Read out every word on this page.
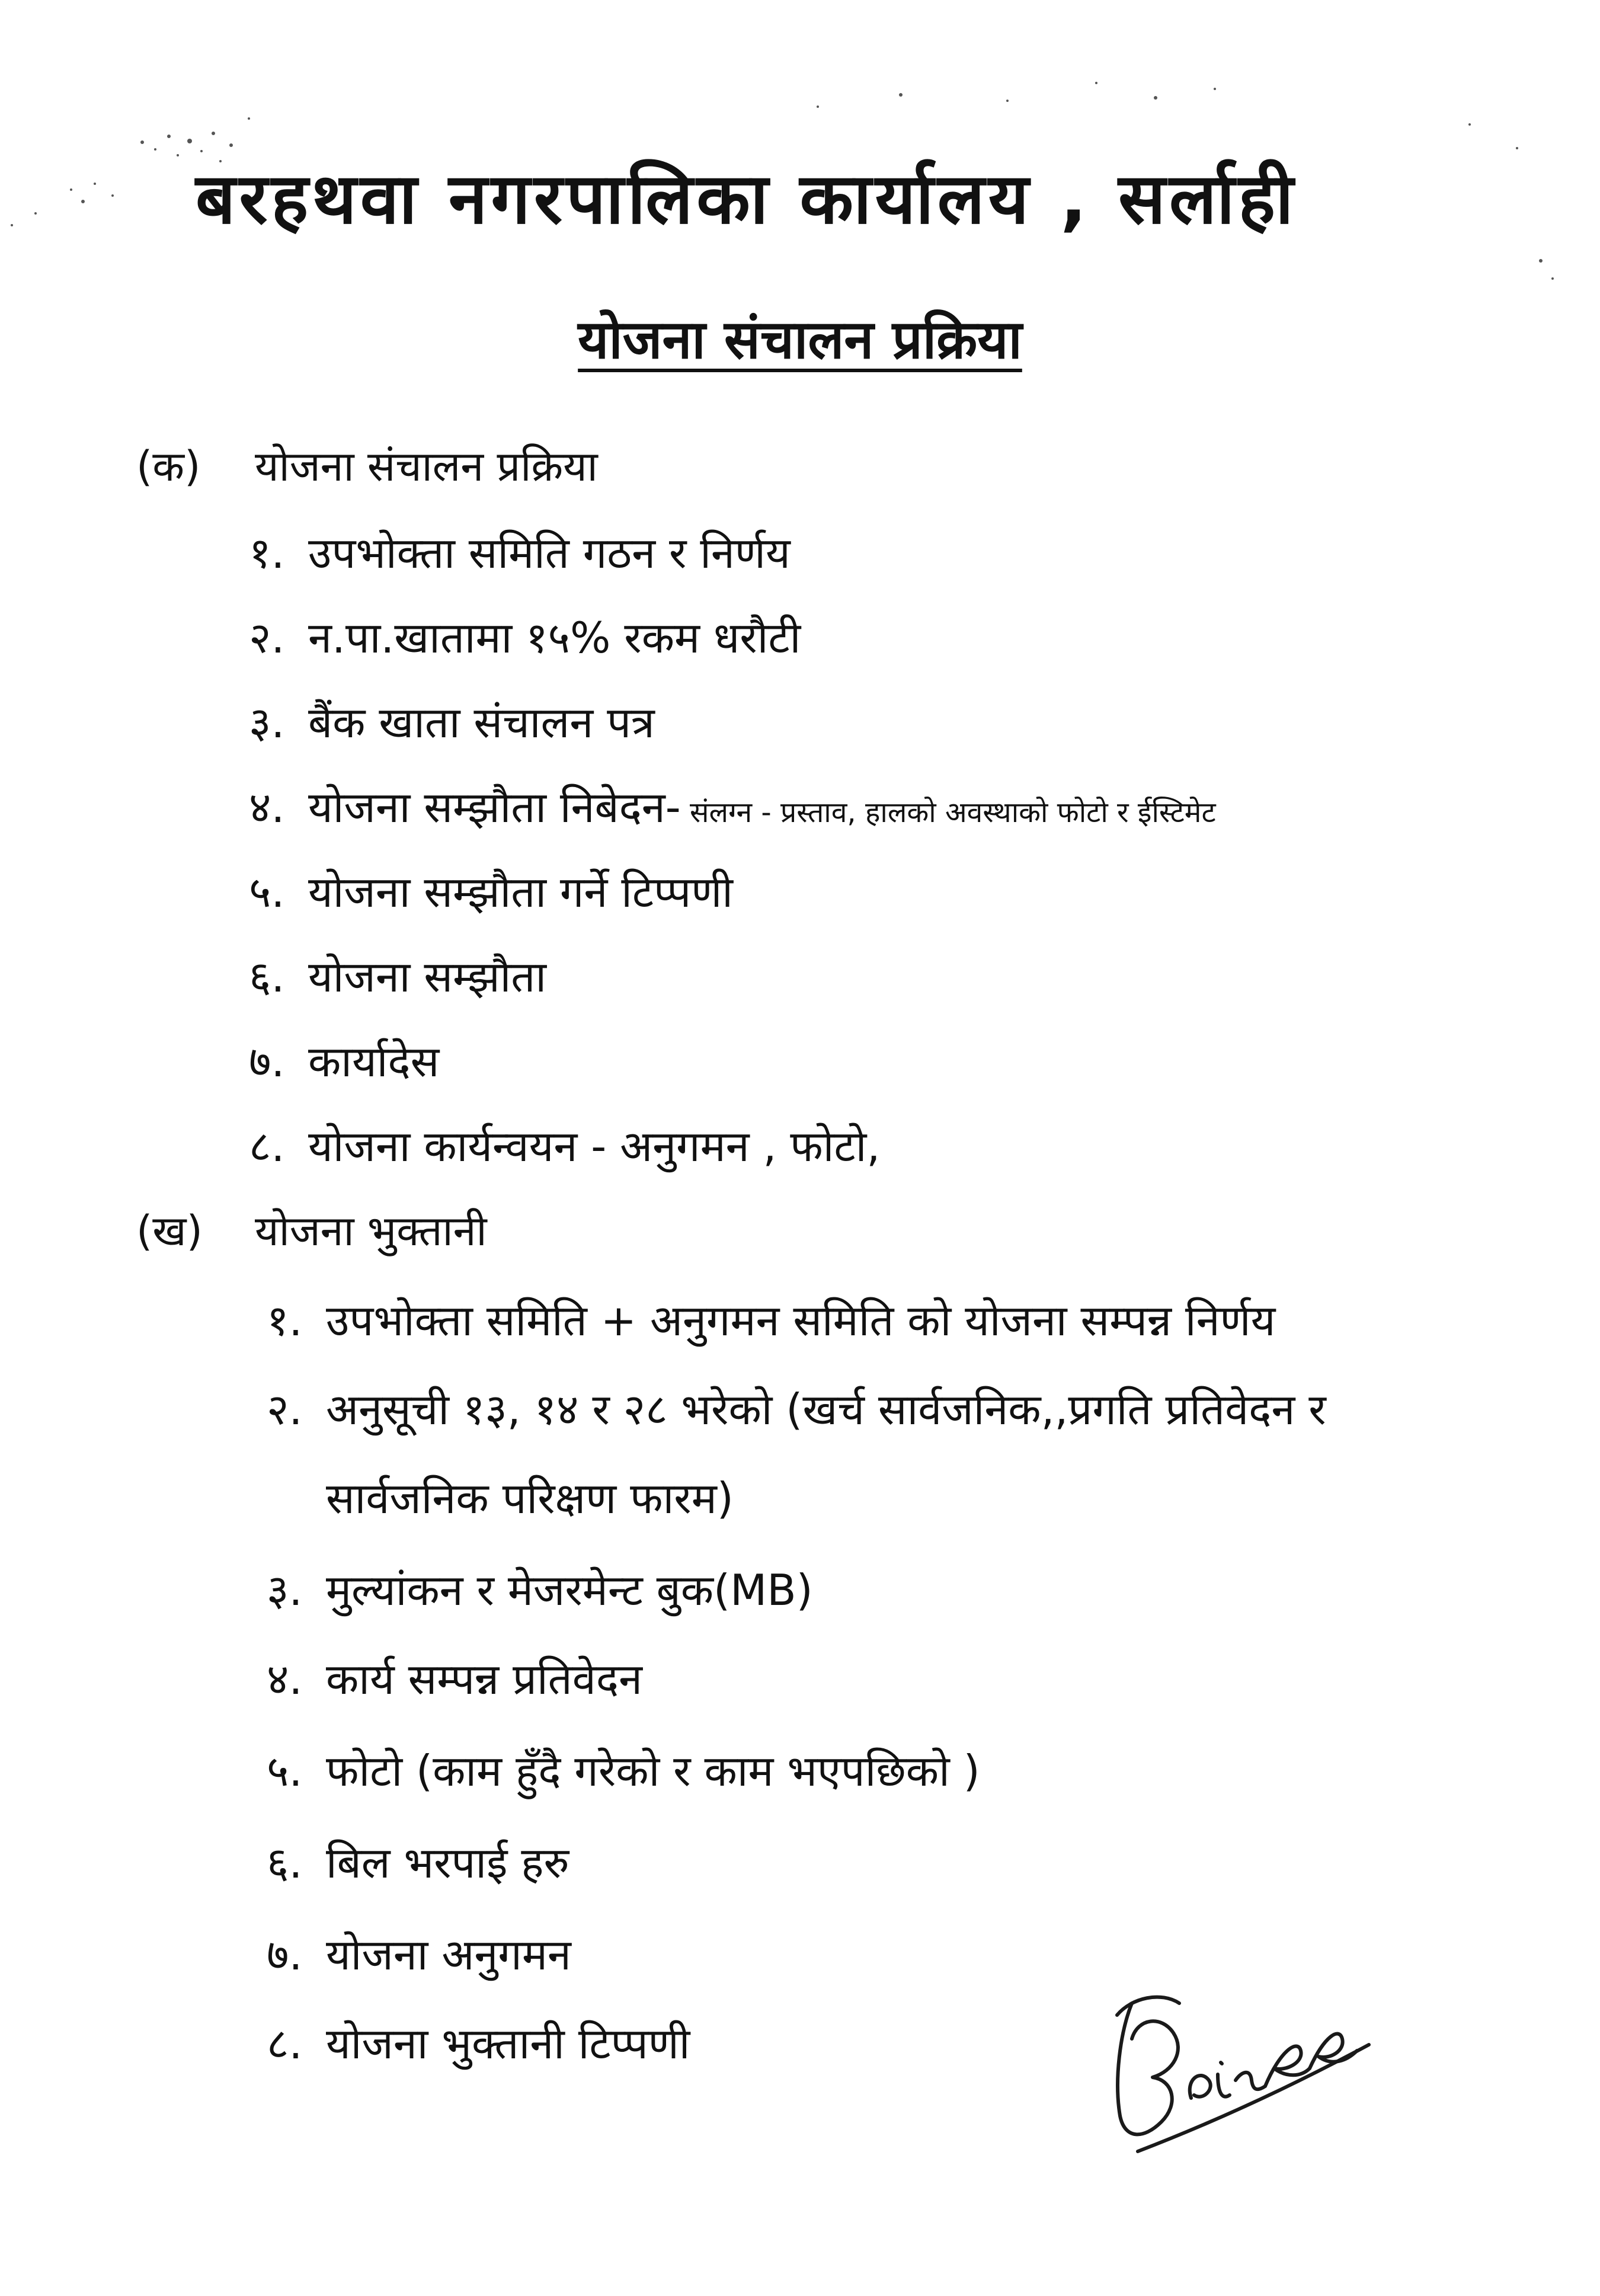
बरहथवा नगरपालिका कार्यालय , सर्लाही
योजना संचालन प्रक्रिया
(क) योजना संचालन प्रक्रिया
१. उपभोक्ता समिति गठन र निर्णय
२. न.पा.खातामा १५% रकम धरौटी
३. बैंक खाता संचालन पत्र
४. योजना सम्झौता निबेदन- संलग्न - प्रस्ताव, हालको अवस्थाको फोटो र ईस्टिमेट
५. योजना सम्झौता गर्ने टिप्पणी
६. योजना सम्झौता
७. कार्यादेस
८. योजना कार्यन्वयन - अनुगमन , फोटो,
(ख) योजना भुक्तानी
१. उपभोक्ता समिति + अनुगमन समिति को योजना सम्पन्न निर्णय
२. अनुसूची १३, १४ र २८ भरेको (खर्च सार्वजनिक,,प्रगति प्रतिवेदन र
सार्वजनिक परिक्षण फारम)
३. मुल्यांकन र मेजरमेन्ट बुक(MB)
४. कार्य सम्पन्न प्रतिवेदन
५. फोटो (काम हुँदै गरेको र काम भएपछिको )
६. बिल भरपाई हरु
७. योजना अनुगमन
८. योजना भुक्तानी टिप्पणी
